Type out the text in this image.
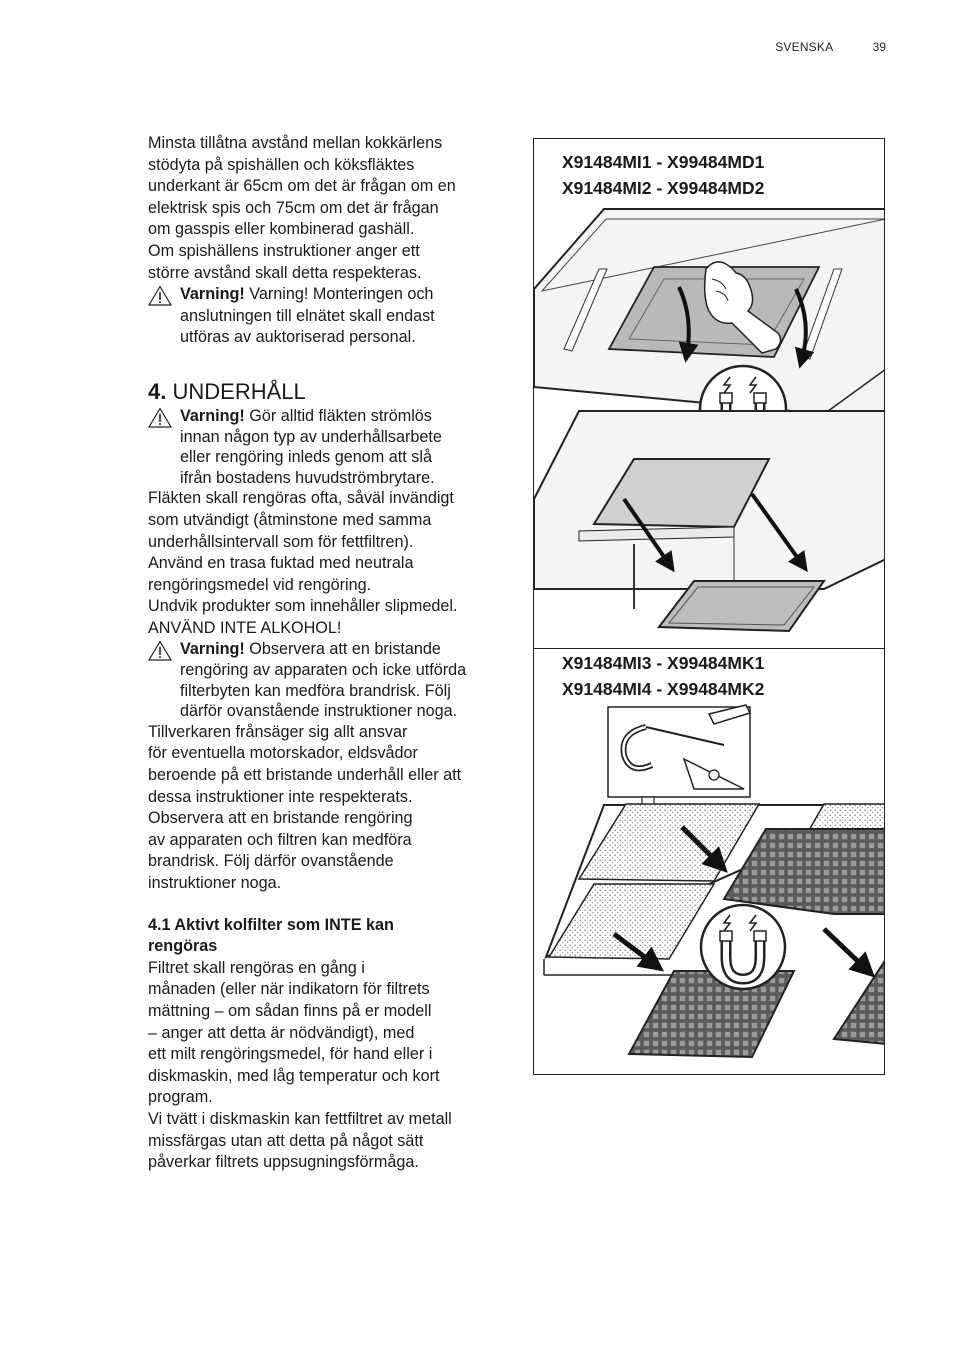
SVENSKA	39
Minsta tillåtna avstånd mellan kokkärlens
stödyta på spishällen och köksfläktes
underkant är 65cm om det är frågan om en
elektrisk spis och 75cm om det är frågan
om gasspis eller kombinerad gashäll.
Om spishällens instruktioner anger ett
större avstånd skall detta respekteras.
Varning! Varning! Monteringen och
anslutningen till elnätet skall endast
utföras av auktoriserad personal.
4. UNDERHÅLL
Varning! Gör alltid fläkten strömlös
innan någon typ av underhållsarbete
eller rengöring inleds genom att slå
ifrån bostadens huvudströmbrytare.
Fläkten skall rengöras ofta, såväl invändigt
som utvändigt (åtminstone med samma
underhållsintervall som för fettfiltren).
Använd en trasa fuktad med neutrala
rengöringsmedel vid rengöring.
Undvik produkter som innehåller slipmedel.
ANVÄND INTE ALKOHOL!
Varning! Observera att en bristande
rengöring av apparaten och icke utförda
filterbyten kan medföra brandrisk. Följ
därför ovanstående instruktioner noga.
Tillverkaren frånsäger sig allt ansvar
för eventuella motorskador, eldsvådor
beroende på ett bristande underhåll eller att
dessa instruktioner inte respekterats.
Observera att en bristande rengöring
av apparaten och filtren kan medföra
brandrisk. Följ därför ovanstående
instruktioner noga.
4.1 Aktivt kolfilter som INTE kan
rengöras
Filtret skall rengöras en gång i
månaden (eller när indikatorn för filtrets
mättning – om sådan finns på er modell
– anger att detta är nödvändigt), med
ett milt rengöringsmedel, för hand eller i
diskmaskin, med låg temperatur och kort
program.
Vi tvätt i diskmaskin kan fettfiltret av metall
missfärgas utan att detta på något sätt
påverkar filtrets uppsugningsförmåga.
X91484MI1 - X99484MD1
X91484MI2 - X99484MD2
X91484MI3 - X99484MK1
X91484MI4 - X99484MK2
